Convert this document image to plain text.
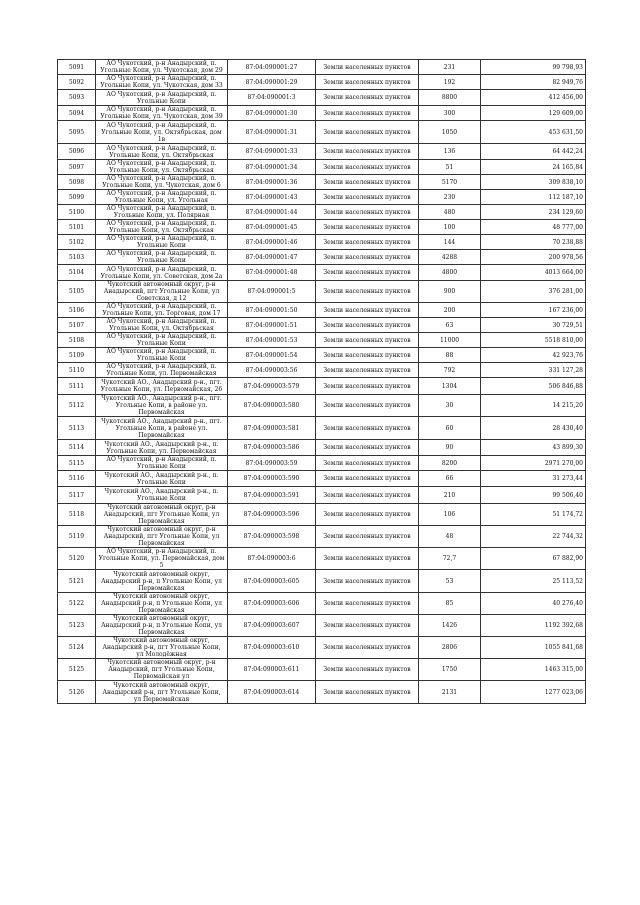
5091	АО Чукотский, р-н Анадырский, п. Угольные Копи, ул. Чукотская, дом 29	87:04:090001:27	Земли населенных пунктов	231	99 798,93
5092	АО Чукотский, р-н Анадырский, п. Угольные Копи, ул. Чукотская, дом 33	87:04:090001:29	Земли населенных пунктов	192	82 949,76
5093	АО Чукотский, р-н Анадырский, п. Угольные Копи	87:04:090001:3	Земли населенных пунктов	8800	412 456,00
5094	АО Чукотский, р-н Анадырский, п. Угольные Копи, ул. Чукотская, дом 39	87:04:090001:30	Земли населенных пунктов	300	129 609,00
5095	АО Чукотский, р-н Анадырский, п. Угольные Копи, ул. Октябрьская, дом 1в	87:04:090001:31	Земли населенных пунктов	1050	453 631,50
5096	АО Чукотский, р-н Анадырский, п. Угольные Копи, ул. Октябрьская	87:04:090001:33	Земли населенных пунктов	136	64 442,24
5097	АО Чукотский, р-н Анадырский, п. Угольные Копи, ул. Октябрьская	87:04:090001:34	Земли населенных пунктов	51	24 165,84
5098	АО Чукотский, р-н Анадырский, п. Угольные Копи, ул. Чукотская, дом 6	87:04:090001:36	Земли населенных пунктов	5170	309 838,10
5099	АО Чукотский, р-н Анадырский, п. Угольные Копи, ул. Угольная	87:04:090001:43	Земли населенных пунктов	230	112 187,10
5100	АО Чукотский, р-н Анадырский, п. Угольные Копи, ул. Полярная	87:04:090001:44	Земли населенных пунктов	480	234 129,60
5101	АО Чукотский, р-н Анадырский, п. Угольные Копи, ул. Октябрьская	87:04:090001:45	Земли населенных пунктов	100	48 777,00
5102	АО Чукотский, р-н Анадырский, п. Угольные Копи	87:04:090001:46	Земли населенных пунктов	144	70 238,88
5103	АО Чукотский, р-н Анадырский, п. Угольные Копи	87:04:090001:47	Земли населенных пунктов	4288	200 978,56
5104	АО Чукотский, р-н Анадырский, п. Угольные Копи, ул. Советская, дом 2а	87:04:090001:48	Земли населенных пунктов	4800	4013 664,00
5105	Чукотский автономный округ, р-н Анадырский, пгт Угольные Копи, ул Советская, д 12	87:04:090001:5	Земли населенных пунктов	900	376 281,00
5106	АО Чукотский, р-н Анадырский, п. Угольные Копи, ул. Торговая, дом 17	87:04:090001:50	Земли населенных пунктов	200	167 236,00
5107	АО Чукотский, р-н Анадырский, п. Угольные Копи, ул. Октябрьская	87:04:090001:51	Земли населенных пунктов	63	30 729,51
5108	АО Чукотский, р-н Анадырский, п. Угольные Копи	87:04:090001:53	Земли населенных пунктов	11000	5518 810,00
5109	АО Чукотский, р-н Анадырский, п. Угольные Копи	87:04:090001:54	Земли населенных пунктов	88	42 923,76
5110	АО Чукотский, р-н Анадырский, п. Угольные Копи, ул. Первомайская	87:04:090003:56	Земли населенных пунктов	792	331 127,28
5111	Чукотский АО., Анадырский р-н., пгт. Угольные Копи, ул. Первомайская, 26	87:04:090003:579	Земли населенных пунктов	1304	506 846,88
5112	Чукотский АО., Анадырский р-н., пгт. Угольные Копи, в районе ул. Первомайская	87:04:090003:580	Земли населенных пунктов	30	14 215,20
5113	Чукотский АО., Анадырский р-н., пгт. Угольные Копи, в районе ул. Первомайская	87:04:090003:581	Земли населенных пунктов	60	28 430,40
5114	Чукотский АО., Анадырский р-н., п. Угольные Копи, ул. Первомайская	87:04:090003:586	Земли населенных пунктов	90	43 899,30
5115	АО Чукотский, р-н Анадырский, п. Угольные Копи	87:04:090003:59	Земли населенных пунктов	8200	2971 270,00
5116	Чукотский АО., Анадырский р-н., п. Угольные Копи	87:04:090003:590	Земли населенных пунктов	66	31 273,44
5117	Чукотский АО., Анадырский р-н., п. Угольные Копи	87:04:090003:591	Земли населенных пунктов	210	99 506,40
5118	Чукотский автономный округ, р-н Анадырский, пгт Угольные Копи, ул Первомайская	87:04:090003:596	Земли населенных пунктов	106	51 174,72
5119	Чукотский автономный округ, р-н Анадырский, пгт Угольные Копи, ул Первомайская	87:04:090003:598	Земли населенных пунктов	48	22 744,32
5120	АО Чукотский, р-н Анадырский, п. Угольные Копи, ул. Первомайская, дом 5	87:04:090003:6	Земли населенных пунктов	72,7	67 882,90
5121	Чукотский автономный округ, Анадырский р-н, п Угольные Копи, ул Первомайская	87:04:090003:605	Земли населенных пунктов	53	25 113,52
5122	Чукотский автономный округ, Анадырский р-н, п Угольные Копи, ул Первомайская	87:04:090003:606	Земли населенных пунктов	85	40 276,40
5123	Чукотский автономный округ, Анадырский р-н, п Угольные Копи, ул Первомайская	87:04:090003:607	Земли населенных пунктов	1426	1192 392,68
5124	Чукотский автономный округ, Анадырский р-н, пгт Угольные Копи, ул Молодёжная	87:04:090003:610	Земли населенных пунктов	2806	1055 841,68
5125	Чукотский автономный округ, р-н Анадырский, пгт Угольные Копи, Первомайская ул	87:04:090003:611	Земли населенных пунктов	1750	1463 315,00
5126	Чукотский автономный округ, Анадырский р-н, пгт Угольные Копи, ул Первомайская	87:04:090003:614	Земли населенных пунктов	2131	1277 023,06
